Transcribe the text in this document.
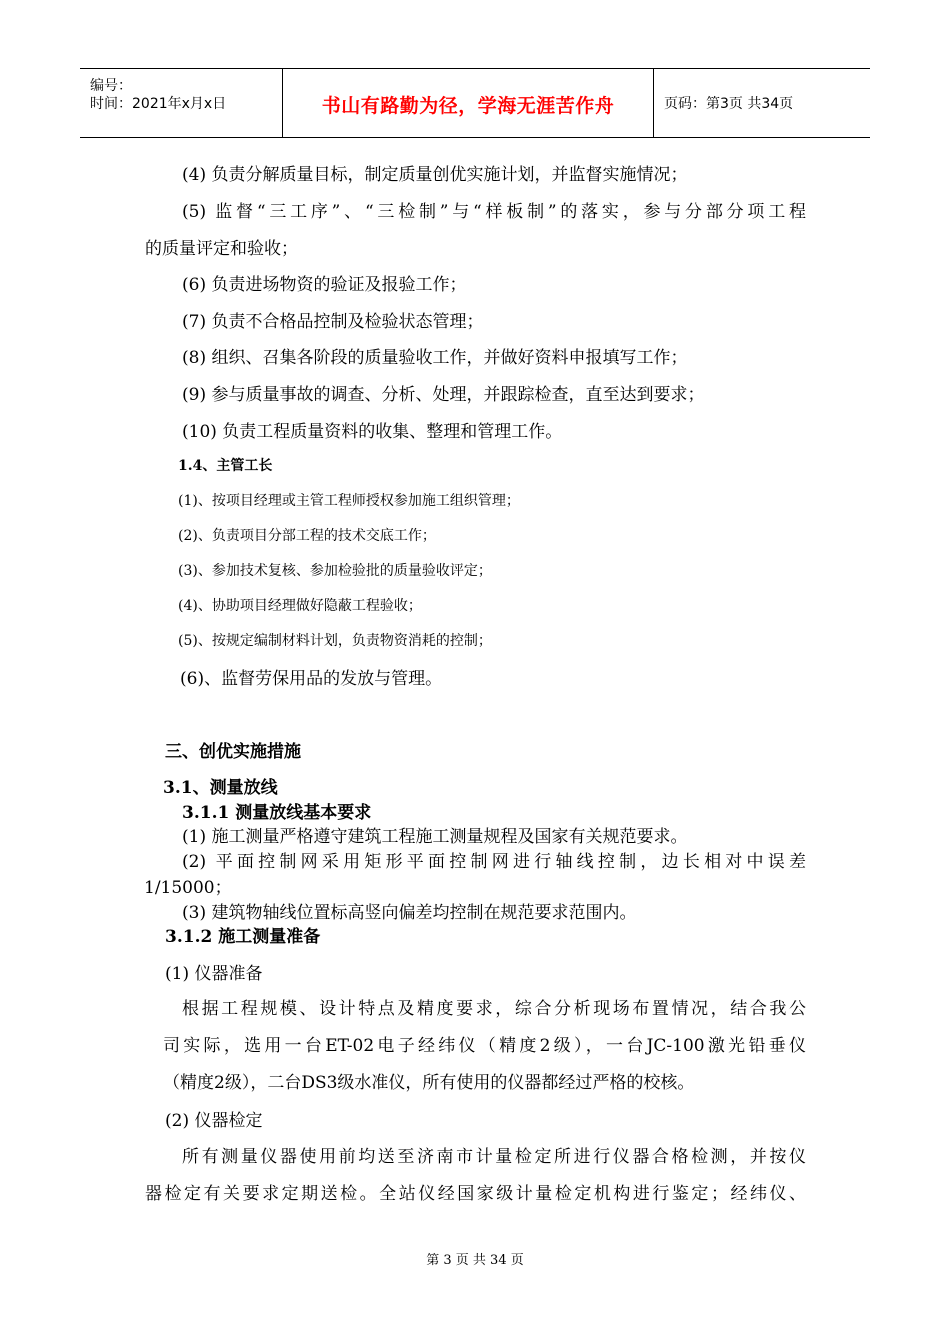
编号：
时间：2021年x月x日	书山有路勤为径，学海无涯苦作舟	页码：第3页 共34页
(4) 负责分解质量目标，制定质量创优实施计划，并监督实施情况；
(5) 监督“三工序”、“三检制”与“样板制”的落实，参与分部分项工程
的质量评定和验收；
(6) 负责进场物资的验证及报验工作；
(7) 负责不合格品控制及检验状态管理；
(8) 组织、召集各阶段的质量验收工作，并做好资料申报填写工作；
(9) 参与质量事故的调查、分析、处理，并跟踪检查，直至达到要求；
(10) 负责工程质量资料的收集、整理和管理工作。
1.4、主管工长
(1)、按项目经理或主管工程师授权参加施工组织管理；
(2)、负责项目分部工程的技术交底工作；
(3)、参加技术复核、参加检验批的质量验收评定；
(4)、协助项目经理做好隐蔽工程验收；
(5)、按规定编制材料计划，负责物资消耗的控制；
(6)、监督劳保用品的发放与管理。
三、创优实施措施
3.1、测量放线
3.1.1 测量放线基本要求
(1) 施工测量严格遵守建筑工程施工测量规程及国家有关规范要求。
(2) 平面控制网采用矩形平面控制网进行轴线控制，边长相对中误差
1/15000；
(3) 建筑物轴线位置标高竖向偏差均控制在规范要求范围内。
3.1.2 施工测量准备
(1) 仪器准备
根据工程规模、设计特点及精度要求，综合分析现场布置情况，结合我公
司实际，选用一台ET-02电子经纬仪（精度2级），一台JC-100激光铅垂仪
（精度2级），二台DS3级水准仪，所有使用的仪器都经过严格的校核。
(2) 仪器检定
所有测量仪器使用前均送至济南市计量检定所进行仪器合格检测，并按仪
器检定有关要求定期送检。全站仪经国家级计量检定机构进行鉴定；经纬仪、
第 3 页 共 34 页
